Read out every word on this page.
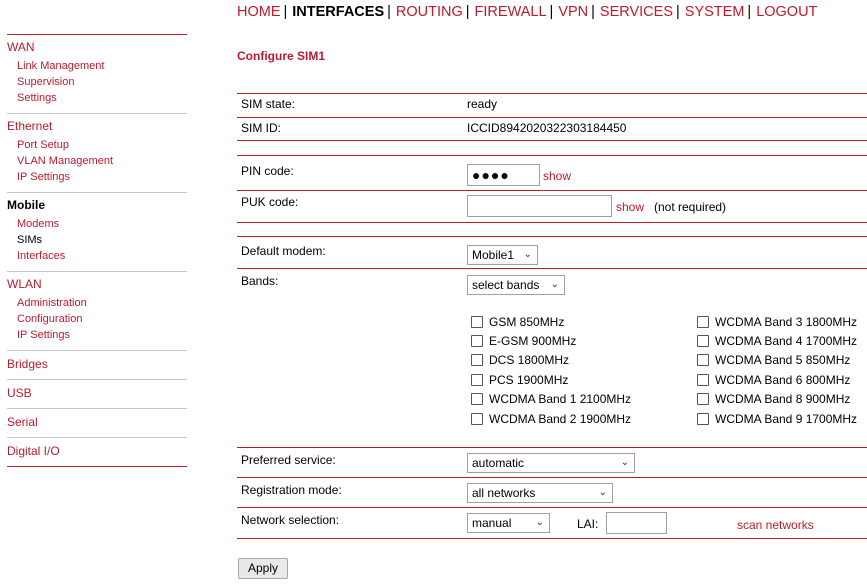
HOME | INTERFACES | ROUTING | FIREWALL | VPN | SERVICES | SYSTEM | LOGOUT
WAN
Link Management
Supervision
Settings
Ethernet
Port Setup
VLAN Management
IP Settings
Mobile
Modems
SIMs
Interfaces
WLAN
Administration
Configuration
IP Settings
Bridges
USB
Serial
Digital I/O
Configure SIM1
SIM state:	ready
SIM ID:	ICCID8942020322303184450
PIN code:	●●●●	show
PUK code:	show (not required)
Default modem:	Mobile1 ⌄
Bands:	select bands ⌄
GSM 850MHz
E-GSM 900MHz
DCS 1800MHz
PCS 1900MHz
WCDMA Band 1 2100MHz
WCDMA Band 2 1900MHz
WCDMA Band 3 1800MHz
WCDMA Band 4 1700MHz
WCDMA Band 5 850MHz
WCDMA Band 6 800MHz
WCDMA Band 8 900MHz
WCDMA Band 9 1700MHz
Preferred service:	automatic	⌄
Registration mode:	all networks	⌄
Network selection:	manual ⌄	LAI:	scan networks
Apply
